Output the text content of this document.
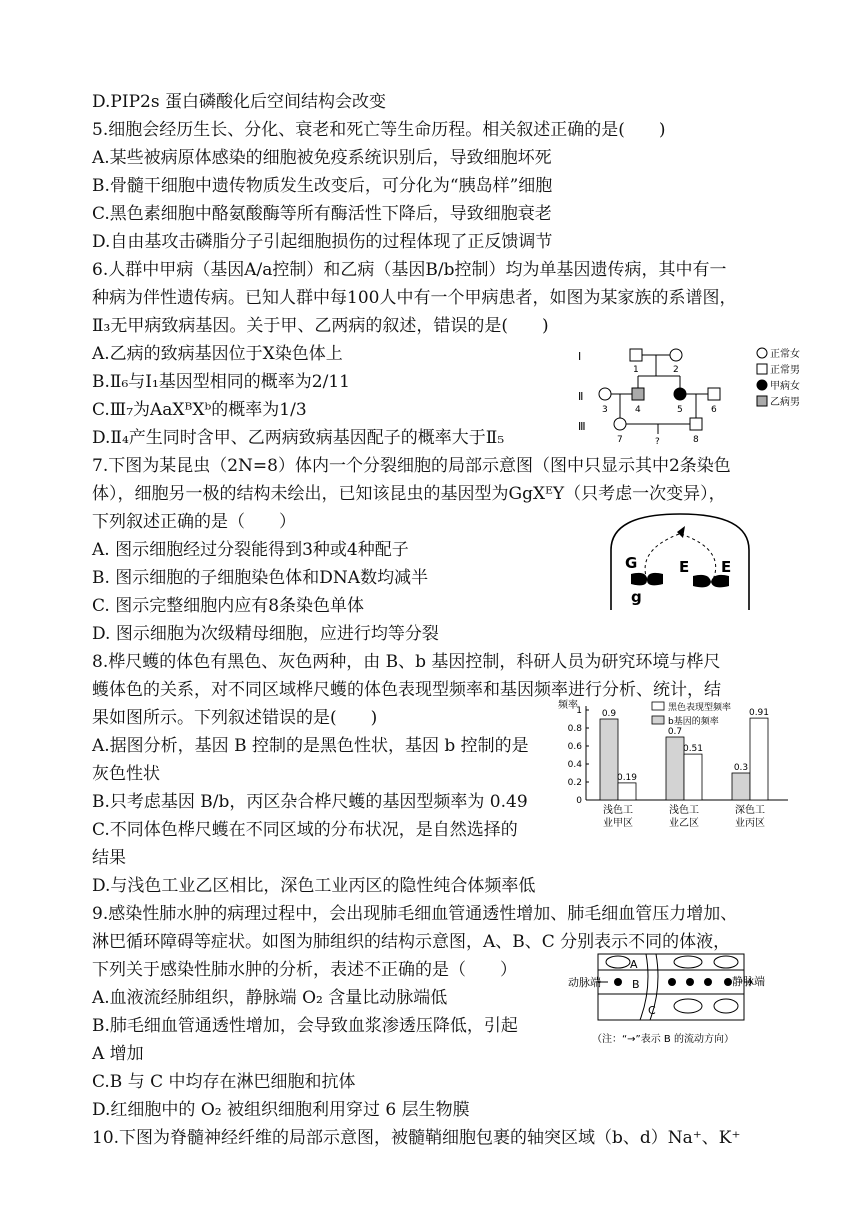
D.PIP2s 蛋白磷酸化后空间结构会改变
5.细胞会经历生长、分化、衰老和死亡等生命历程。相关叙述正确的是(　　)
A.某些被病原体感染的细胞被免疫系统识别后，导致细胞坏死
B.骨髓干细胞中遗传物质发生改变后，可分化为“胰岛样”细胞
C.黑色素细胞中酪氨酸酶等所有酶活性下降后，导致细胞衰老
D.自由基攻击磷脂分子引起细胞损伤的过程体现了正反馈调节
6.人群中甲病（基因A/a控制）和乙病（基因B/b控制）均为单基因遗传病，其中有一
种病为伴性遗传病。已知人群中每100人中有一个甲病患者，如图为某家族的系谱图，
Ⅱ₃无甲病致病基因。关于甲、乙两病的叙述，错误的是(　　)
A.乙病的致病基因位于X染色体上
B.Ⅱ₆与Ⅰ₁基因型相同的概率为2/11
C.Ⅲ₇为AaXᴮXᵇ的概率为1/3
D.Ⅱ₄产生同时含甲、乙两病致病基因配子的概率大于Ⅱ₅
7.下图为某昆虫（2N=8）体内一个分裂细胞的局部示意图（图中只显示其中2条染色
体），细胞另一极的结构未绘出，已知该昆虫的基因型为GgXᴱY（只考虑一次变异），
下列叙述正确的是（　　）
A. 图示细胞经过分裂能得到3种或4种配子
B. 图示细胞的子细胞染色体和DNA数均减半
C. 图示完整细胞内应有8条染色单体
D. 图示细胞为次级精母细胞，应进行均等分裂
8.桦尺蠖的体色有黑色、灰色两种，由 B、b 基因控制，科研人员为研究环境与桦尺
蠖体色的关系，对不同区域桦尺蠖的体色表现型频率和基因频率进行分析、统计，结
果如图所示。下列叙述错误的是(　　)
A.据图分析，基因 B 控制的是黑色性状，基因 b 控制的是
灰色性状
B.只考虑基因 B/b，丙区杂合桦尺蠖的基因型频率为 0.49
C.不同体色桦尺蠖在不同区域的分布状况，是自然选择的
结果
D.与浅色工业乙区相比，深色工业丙区的隐性纯合体频率低
9.感染性肺水肿的病理过程中，会出现肺毛细血管通透性增加、肺毛细血管压力增加、
淋巴循环障碍等症状。如图为肺组织的结构示意图，A、B、C 分别表示不同的体液，
下列关于感染性肺水肿的分析，表述不正确的是（　　）
A.血液流经肺组织，静脉端 O₂ 含量比动脉端低
B.肺毛细血管通透性增加，会导致血浆渗透压降低，引起
A 增加
C.B 与 C 中均存在淋巴细胞和抗体
D.红细胞中的 O₂ 被组织细胞利用穿过 6 层生物膜
10.下图为脊髓神经纤维的局部示意图，被髓鞘细胞包裹的轴突区域（b、d）Na⁺、K⁺
Ⅰ
Ⅱ
Ⅲ
1	2
3	4	5	6
7	8
?
正常女
正常男
甲病女
乙病男
G
g
E E
频率
1
0.8
0.6
0.4
0.2
0
0.9
0.19
浅色工
业甲区
0.7
0.51
浅色工
业乙区
0.3
0.91
深色工
业丙区
黑色表现型频率
b基因的频率
A
B
C
动脉端	静脉端
（注：“→”表示 B 的流动方向）
